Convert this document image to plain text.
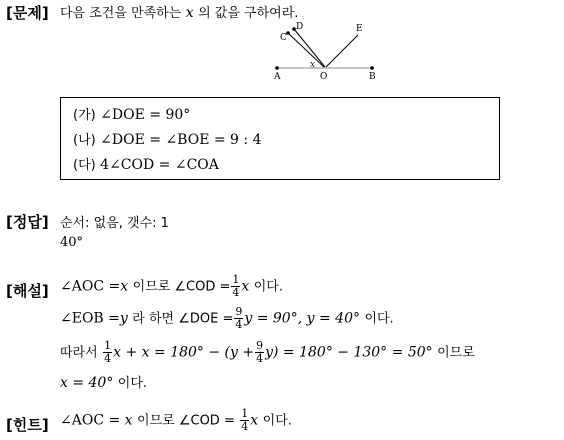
[문제] 다음 조건을 만족하는 x 의 값을 구하여라.
A	O	B
C
D	E
x
(가) ∠DOE = 90°
(나) ∠DOE = ∠BOE = 9 : 4
(다) 4∠COD = ∠COA
[정답] 순서: 없음, 갯수: 1
40°
[해설] ∠AOC =x 이므로 ∠COD = $\frac{1}{4}$ x 이다.
∠EOB =y 라 하면 ∠DOE = $\frac{9}{4}$ y = 90°, y = 40° 이다.
따라서 $\frac{1}{4}$ $x + x = 180^\circ - (y + \frac{9}{4} y) = 180^\circ - 130^\circ = 50^\circ$ 이므로
x = 40° 이다.
[힌트] ∠AOC = x 이므로 ∠COD = $\frac{1}{4}$ x 이다.
